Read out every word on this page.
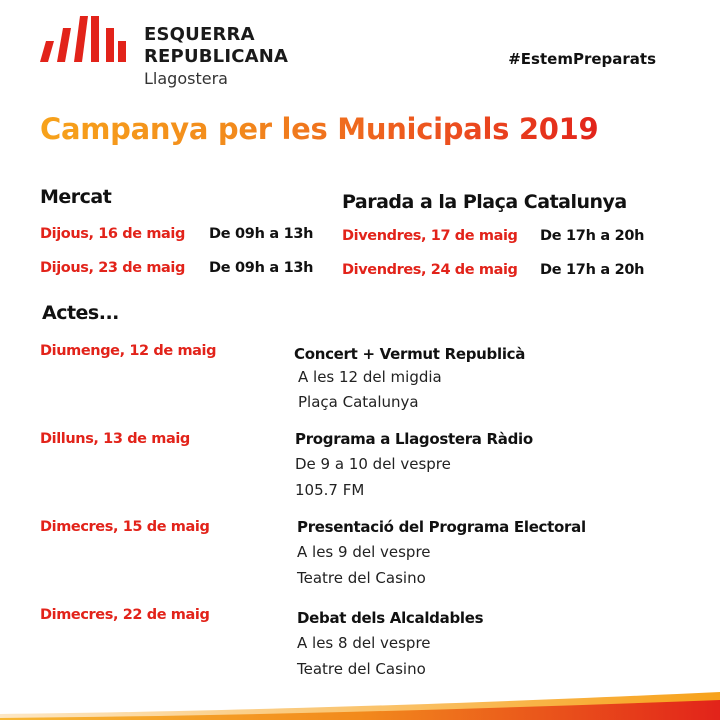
ESQUERRA
REPUBLICANA
Llagostera
#EstemPreparats
Campanya per les Municipals 2019
Mercat
Dijous, 16 de maig De 09h a 13h
Dijous, 23 de maig De 09h a 13h
Parada a la Plaça Catalunya
Divendres, 17 de maig De 17h a 20h
Divendres, 24 de maig De 17h a 20h
Actes...
Diumenge, 12 de maig	Concert + Vermut Republicà
A les 12 del migdia
Plaça Catalunya
Dilluns, 13 de maig	Programa a Llagostera Ràdio
De 9 a 10 del vespre
105.7 FM
Dimecres, 15 de maig	Presentació del Programa Electoral
A les 9 del vespre
Teatre del Casino
Dimecres, 22 de maig	Debat dels Alcaldables
A les 8 del vespre
Teatre del Casino
